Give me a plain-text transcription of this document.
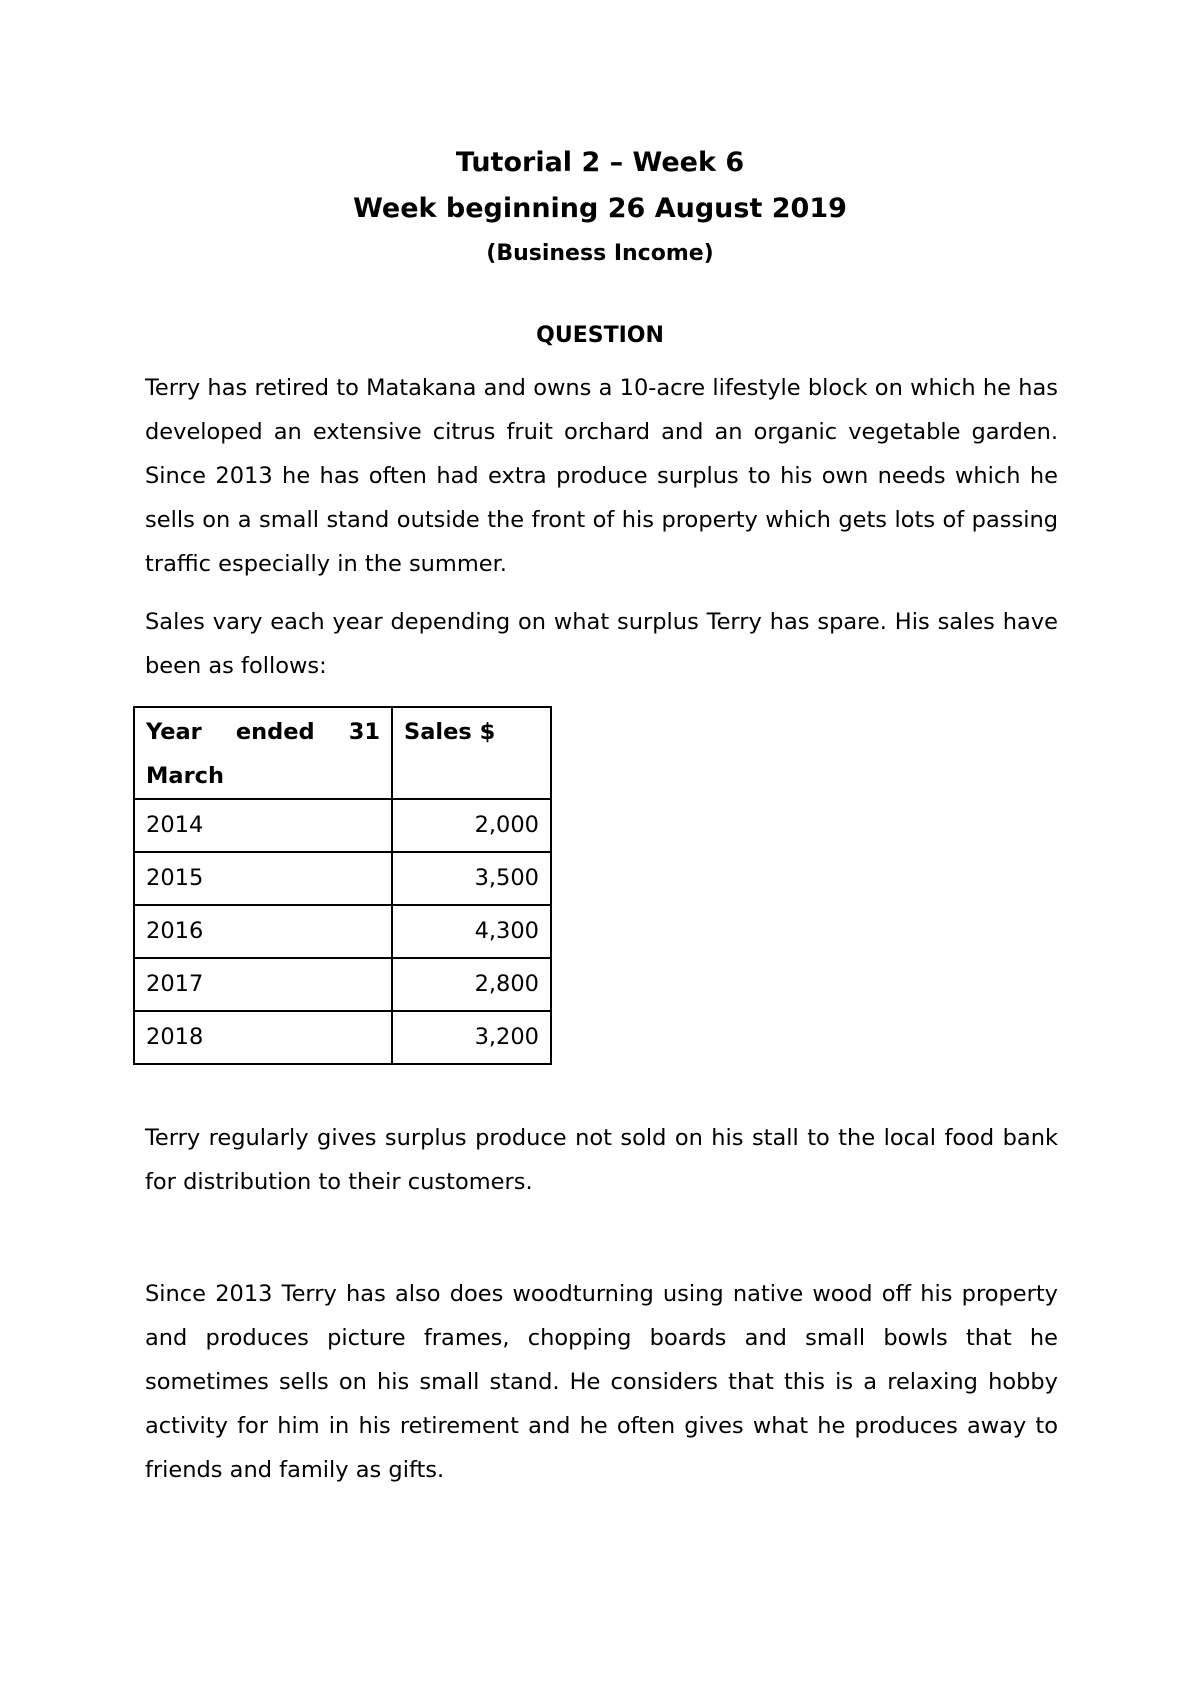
Tutorial 2 – Week 6
Week beginning 26 August 2019
(Business Income)
QUESTION

Terry has retired to Matakana and owns a 10-acre lifestyle block on which he has developed an extensive citrus fruit orchard and an organic vegetable garden. Since 2013 he has often had extra produce surplus to his own needs which he sells on a small stand outside the front of his property which gets lots of passing traffic especially in the summer.

Sales vary each year depending on what surplus Terry has spare. His sales have been as follows:

Year ended 31
March	Sales $
2014	2,000
2015	3,500
2016	4,300
2017	2,800
2018	3,200

Terry regularly gives surplus produce not sold on his stall to the local food bank for distribution to their customers.

Since 2013 Terry has also does woodturning using native wood off his property and produces picture frames, chopping boards and small bowls that he sometimes sells on his small stand. He considers that this is a relaxing hobby activity for him in his retirement and he often gives what he produces away to friends and family as gifts.
